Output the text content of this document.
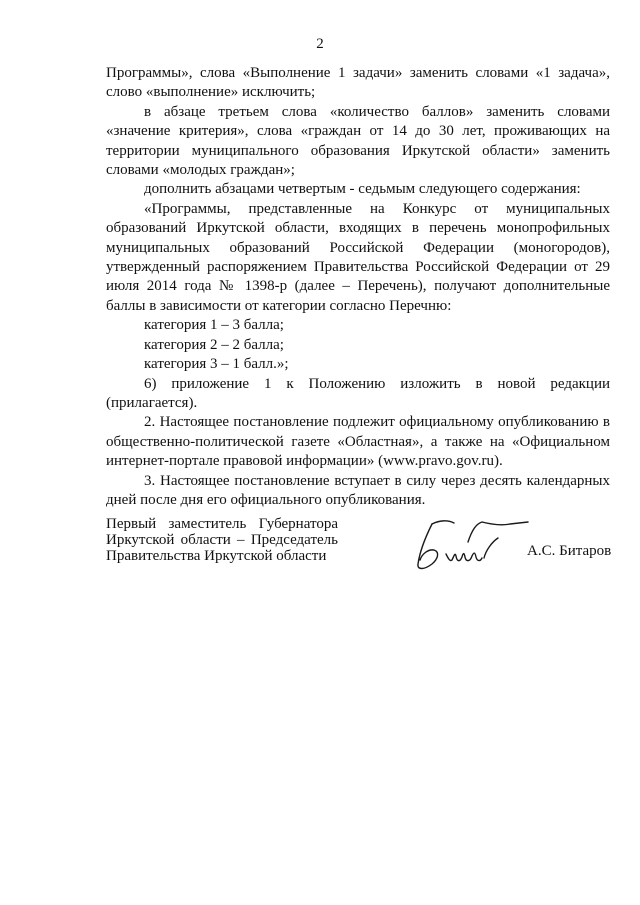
2

Программы», слова «Выполнение 1 задачи» заменить словами «1 задача», слово «выполнение» исключить;

в абзаце третьем слова «количество баллов» заменить словами «значение критерия», слова «граждан от 14 до 30 лет, проживающих на территории муниципального образования Иркутской области» заменить словами «молодых граждан»;

дополнить абзацами четвертым - седьмым следующего содержания:

«Программы, представленные на Конкурс от муниципальных образований Иркутской области, входящих в перечень монопрофильных муниципальных образований Российской Федерации (моногородов), утвержденный распоряжением Правительства Российской Федерации от 29 июля 2014 года № 1398-р (далее – Перечень), получают дополнительные баллы в зависимости от категории согласно Перечню:

категория 1 – 3 балла;

категория 2 – 2 балла;

категория 3 – 1 балл.»;

6) приложение 1 к Положению изложить в новой редакции (прилагается).

2. Настоящее постановление подлежит официальному опубликованию в общественно-политической газете «Областная», а также на «Официальном интернет-портале правовой информации» (www.pravo.gov.ru).

3. Настоящее постановление вступает в силу через десять календарных дней после дня его официального опубликования.

Первый заместитель Губернатора
Иркутской области – Председатель
Правительства Иркутской области	А.С. Битаров
